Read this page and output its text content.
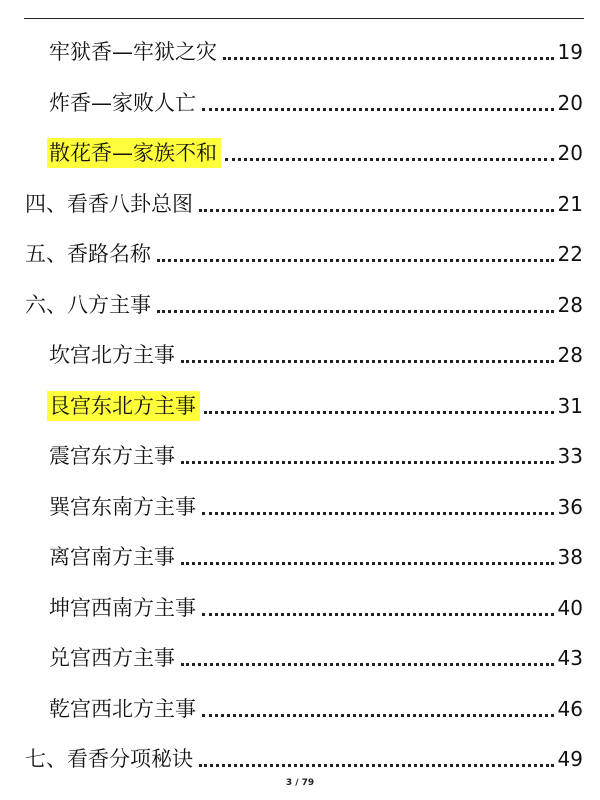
牢狱香—牢狱之灾	19
炸香—家败人亡	20
散花香—家族不和	20
四、看香八卦总图	21
五、香路名称	22
六、八方主事	28
坎宫北方主事	28
艮宫东北方主事	31
震宫东方主事	33
巽宫东南方主事	36
离宫南方主事	38
坤宫西南方主事	40
兑宫西方主事	43
乾宫西北方主事	46
七、看香分项秘诀	49
3 / 79
